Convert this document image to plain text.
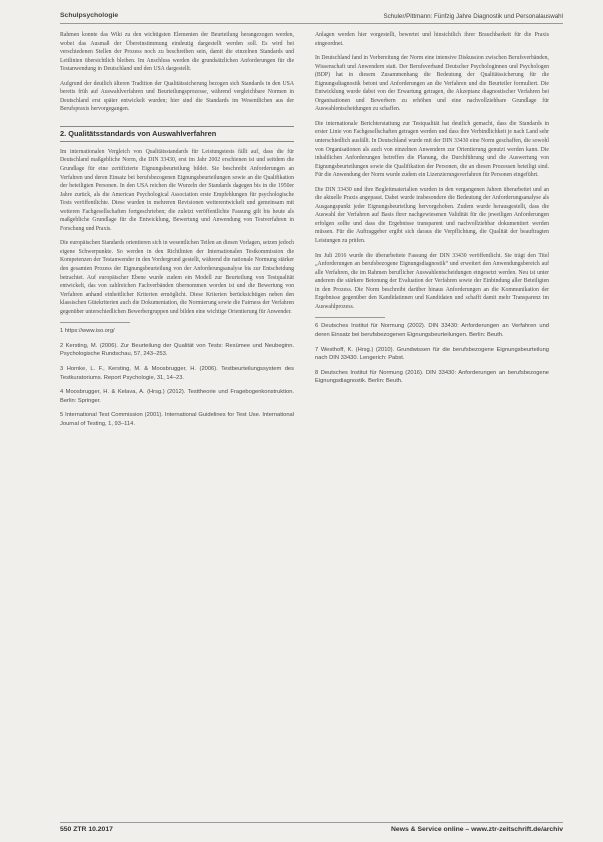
Schulpsychologie	Schuler/Pittmann: Fünfzig Jahre Diagnostik und Personalauswahl

Rahmen konnte das Wiki zu den wichtigsten Elementen der Beurteilung herangezogen werden, wobei das Ausmaß der Übereinstimmung eindeutig dargestellt werden soll. Es wird bei verschiedenen Stellen der Prozess noch zu beschreiben sein, damit die einzelnen Standards und Leitlinien übersichtlich bleiben. Im Anschluss werden die grundsätzlichen Anforderungen für die Testanwendung in Deutschland und den USA dargestellt.

Aufgrund der deutlich älteren Tradition der Qualitätssicherung bezogen sich Standards in den USA bereits früh auf Auswahlverfahren und Beurteilungsprozesse, während vergleichbare Normen in Deutschland erst später entwickelt wurden; hier sind die Standards im Wesentlichen aus der Berufspraxis hervorgegangen.

2. Qualitätsstandards von Auswahlverfahren

Im internationalen Vergleich von Qualitätsstandards für Leistungstests fällt auf, dass die für Deutschland maßgebliche Norm, die DIN 33430, erst im Jahr 2002 erschienen ist und seitdem die Grundlage für eine zertifizierte Eignungsbeurteilung bildet. Sie beschreibt Anforderungen an Verfahren und deren Einsatz bei berufsbezogenen Eignungsbeurteilungen sowie an die Qualifikation der beteiligten Personen. In den USA reichen die Wurzeln der Standards dagegen bis in die 1950er Jahre zurück, als die American Psychological Association erste Empfehlungen für psychologische Tests veröffentlichte. Diese wurden in mehreren Revisionen weiterentwickelt und gemeinsam mit weiteren Fachgesellschaften fortgeschrieben; die zuletzt veröffentlichte Fassung gilt bis heute als maßgebliche Grundlage für die Entwicklung, Bewertung und Anwendung von Testverfahren in Forschung und Praxis.

Die europäischen Standards orientieren sich in wesentlichen Teilen an diesen Vorlagen, setzen jedoch eigene Schwerpunkte. So werden in den Richtlinien der Internationalen Testkommission die Kompetenzen der Testanwender in den Vordergrund gestellt, während die nationale Normung stärker den gesamten Prozess der Eignungsbeurteilung von der Anforderungsanalyse bis zur Entscheidung betrachtet. Auf europäischer Ebene wurde zudem ein Modell zur Beurteilung von Testqualität entwickelt, das von zahlreichen Fachverbänden übernommen worden ist und die Bewertung von Verfahren anhand einheitlicher Kriterien ermöglicht. Diese Kriterien berücksichtigen neben den klassischen Gütekriterien auch die Dokumentation, die Normierung sowie die Fairness der Verfahren gegenüber unterschiedlichen Bewerbergruppen und bilden eine wichtige Orientierung für Anwender.

1 https://www.iso.org/

2 Kersting, M. (2006). Zur Beurteilung der Qualität von Tests: Resümee und Neubeginn. Psychologische Rundschau, 57, 243–253.

3 Hornke, L. F., Kersting, M. & Moosbrugger, H. (2006). Testbeurteilungssystem des Testkuratoriums. Report Psychologie, 31, 14–23.

4 Moosbrugger, H. & Kelava, A. (Hrsg.) (2012). Testtheorie und Fragebogenkonstruktion. Berlin: Springer.

5 International Test Commission (2001). International Guidelines for Test Use. International Journal of Testing, 1, 93–114.

Anlagen werden hier vorgestellt, bewertet und hinsichtlich ihrer Brauchbarkeit für die Praxis eingeordnet.

In Deutschland fand in Vorbereitung der Norm eine intensive Diskussion zwischen Berufsverbänden, Wissenschaft und Anwendern statt. Der Berufsverband Deutscher Psychologinnen und Psychologen (BDP) hat in diesem Zusammenhang die Bedeutung der Qualitätssicherung für die Eignungsdiagnostik betont und Anforderungen an die Verfahren und die Beurteiler formuliert. Die Entwicklung wurde dabei von der Erwartung getragen, die Akzeptanz diagnostischer Verfahren bei Organisationen und Bewerbern zu erhöhen und eine nachvollziehbare Grundlage für Auswahlentscheidungen zu schaffen.

Die internationale Berichterstattung zur Testqualität hat deutlich gemacht, dass die Standards in erster Linie von Fachgesellschaften getragen werden und dass ihre Verbindlichkeit je nach Land sehr unterschiedlich ausfällt. In Deutschland wurde mit der DIN 33430 eine Norm geschaffen, die sowohl von Organisationen als auch von einzelnen Anwendern zur Orientierung genutzt werden kann. Die inhaltlichen Anforderungen betreffen die Planung, die Durchführung und die Auswertung von Eignungsbeurteilungen sowie die Qualifikation der Personen, die an diesen Prozessen beteiligt sind. Für die Anwendung der Norm wurde zudem ein Lizenzierungsverfahren für Personen eingeführt.

Die DIN 33430 und ihre Begleitmaterialien wurden in den vergangenen Jahren überarbeitet und an die aktuelle Praxis angepasst. Dabei wurde insbesondere die Bedeutung der Anforderungsanalyse als Ausgangspunkt jeder Eignungsbeurteilung hervorgehoben. Zudem wurde herausgestellt, dass die Auswahl der Verfahren auf Basis ihrer nachgewiesenen Validität für die jeweiligen Anforderungen erfolgen sollte und dass die Ergebnisse transparent und nachvollziehbar dokumentiert werden müssen. Für die Auftraggeber ergibt sich daraus die Verpflichtung, die Qualität der beauftragten Leistungen zu prüfen.

Im Juli 2016 wurde die überarbeitete Fassung der DIN 33430 veröffentlicht. Sie trägt den Titel „Anforderungen an berufsbezogene Eignungsdiagnostik“ und erweitert den Anwendungsbereich auf alle Verfahren, die im Rahmen beruflicher Auswahlentscheidungen eingesetzt werden. Neu ist unter anderem die stärkere Betonung der Evaluation der Verfahren sowie der Einbindung aller Beteiligten in den Prozess. Die Norm beschreibt darüber hinaus Anforderungen an die Kommunikation der Ergebnisse gegenüber den Kandidatinnen und Kandidaten und schafft damit mehr Transparenz im Auswahlprozess.

6 Deutsches Institut für Normung (2002). DIN 33430: Anforderungen an Verfahren und deren Einsatz bei berufsbezogenen Eignungsbeurteilungen. Berlin: Beuth.

7 Westhoff, K. (Hrsg.) (2010). Grundwissen für die berufsbezogene Eignungsbeurteilung nach DIN 33430. Lengerich: Pabst.

8 Deutsches Institut für Normung (2016). DIN 33430: Anforderungen an berufsbezogene Eignungsdiagnostik. Berlin: Beuth.

550 ZTR 10.2017	News & Service online – www.ztr-zeitschrift.de/archiv
